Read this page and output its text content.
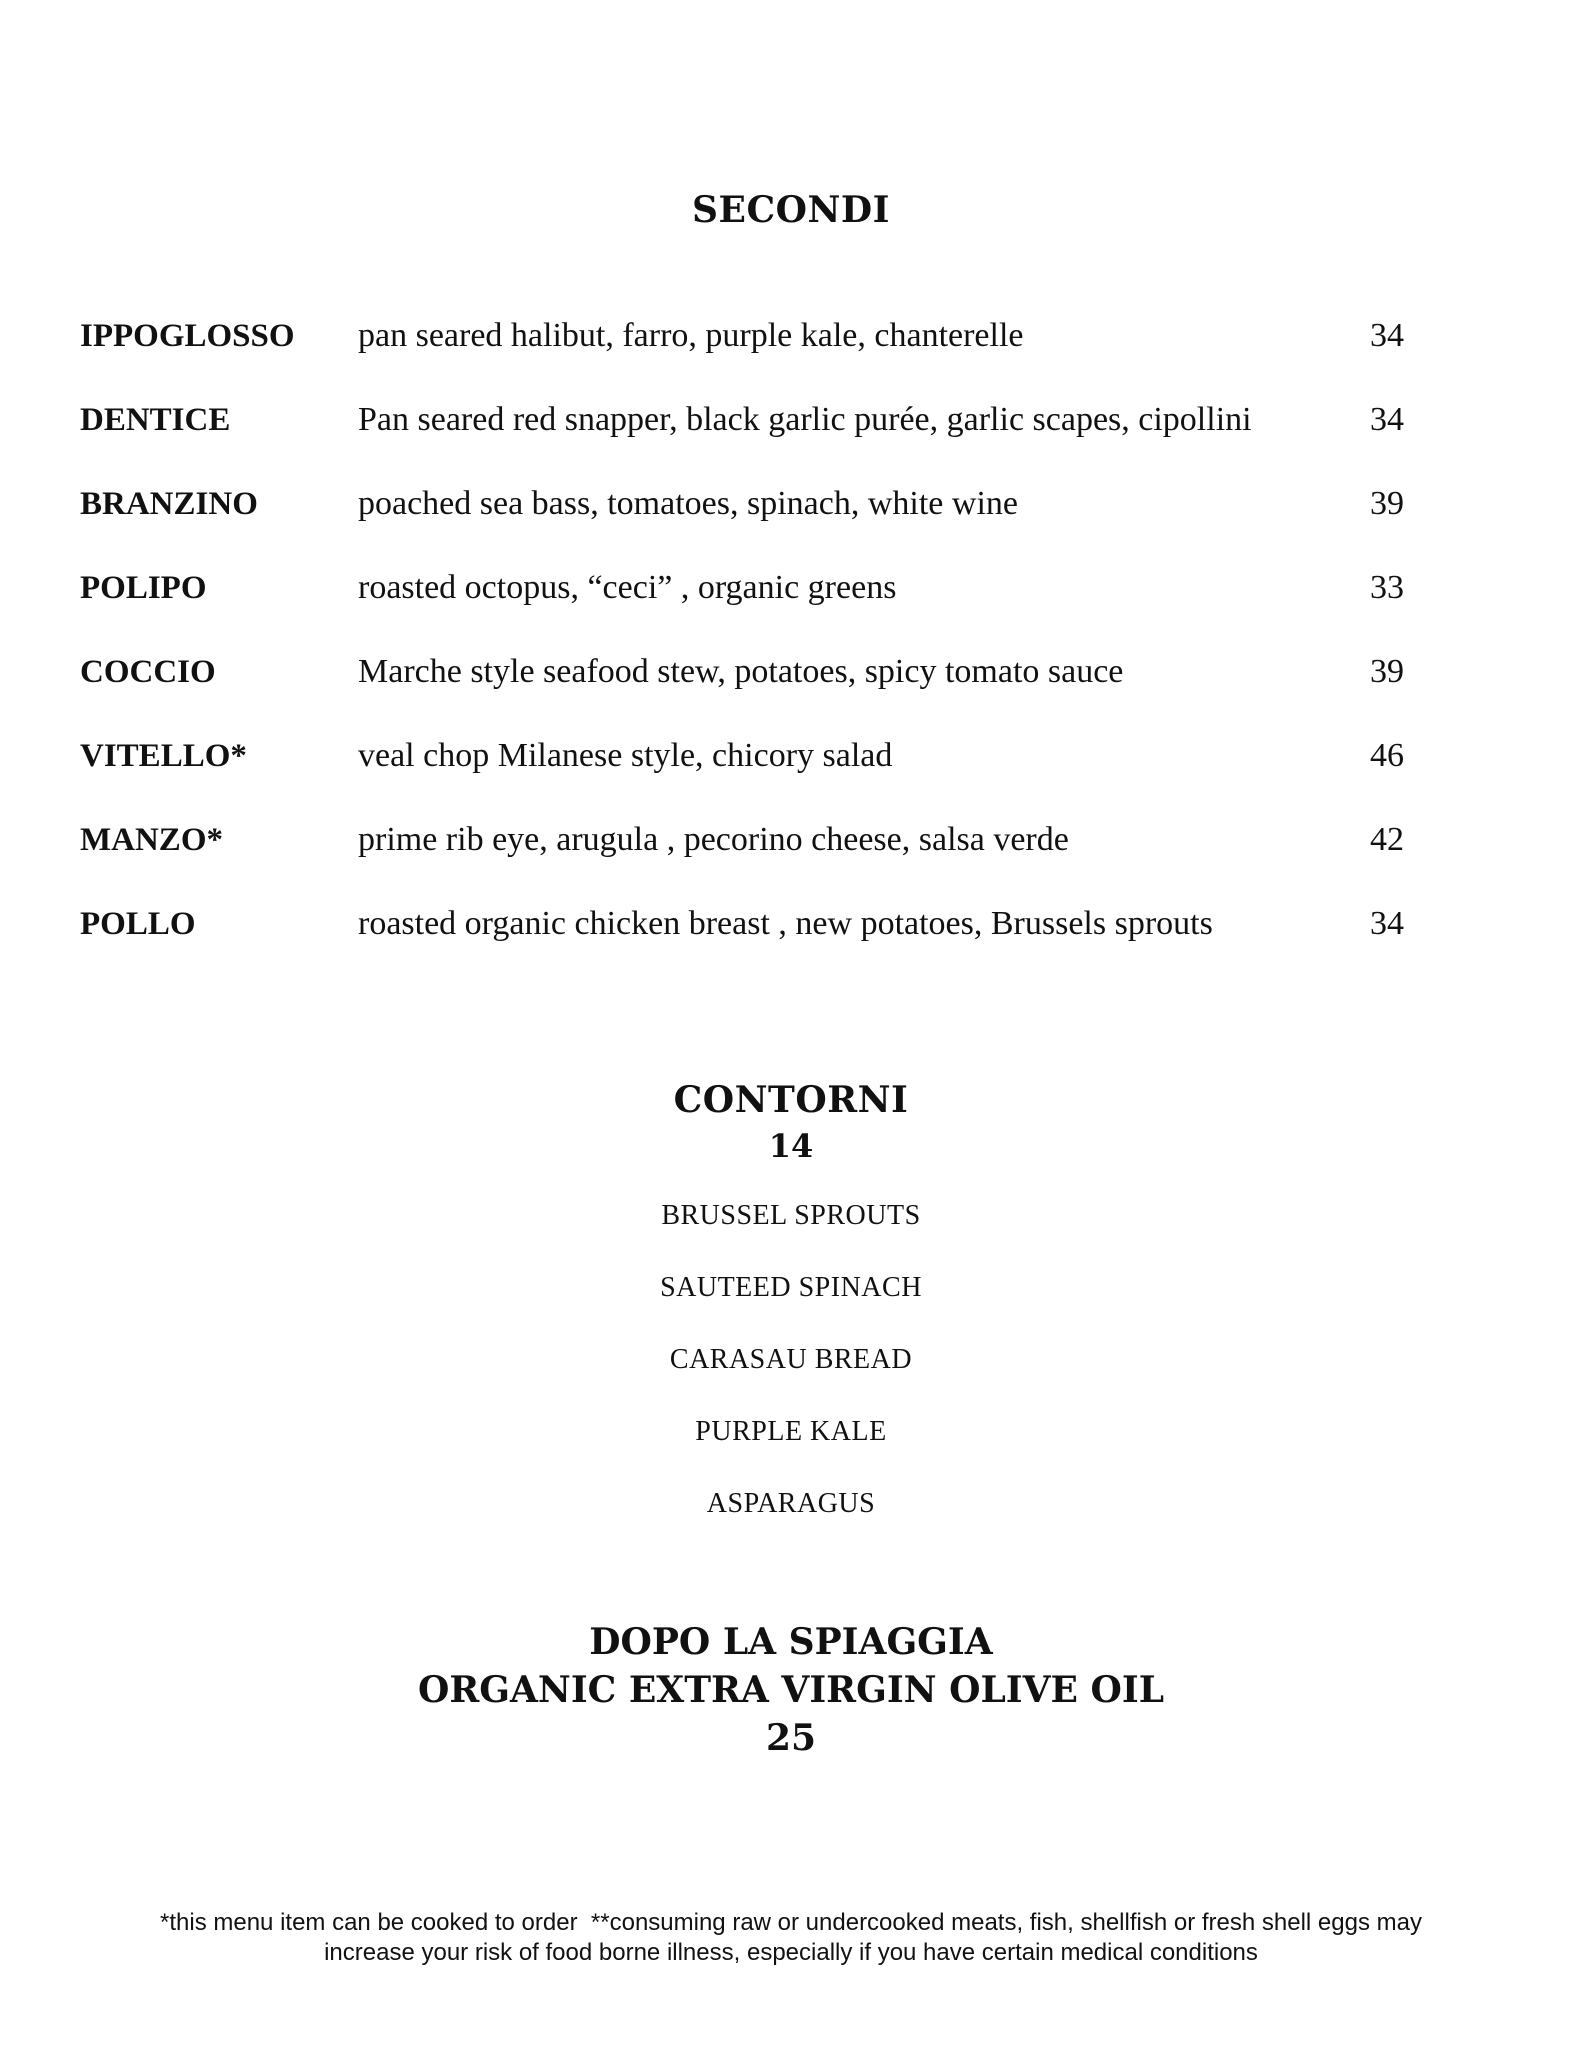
SECONDI
IPPOGLOSSO pan seared halibut, farro, purple kale, chanterelle	34
DENTICE	Pan seared red snapper, black garlic purée, garlic scapes, cipollini	34
BRANZINO	poached sea bass, tomatoes, spinach, white wine	39
POLIPO	roasted octopus, “ceci” , organic greens	33
COCCIO	Marche style seafood stew, potatoes, spicy tomato sauce	39
VITELLO*	veal chop Milanese style, chicory salad	46
MANZO*	prime rib eye, arugula , pecorino cheese, salsa verde	42
POLLO	roasted organic chicken breast , new potatoes, Brussels sprouts	34
CONTORNI
14
BRUSSEL SPROUTS
SAUTEED SPINACH
CARASAU BREAD
PURPLE KALE
ASPARAGUS
DOPO LA SPIAGGIA
ORGANIC EXTRA VIRGIN OLIVE OIL
25
*this menu item can be cooked to order  **consuming raw or undercooked meats, fish, shellfish or fresh shell eggs may
increase your risk of food borne illness, especially if you have certain medical conditions
